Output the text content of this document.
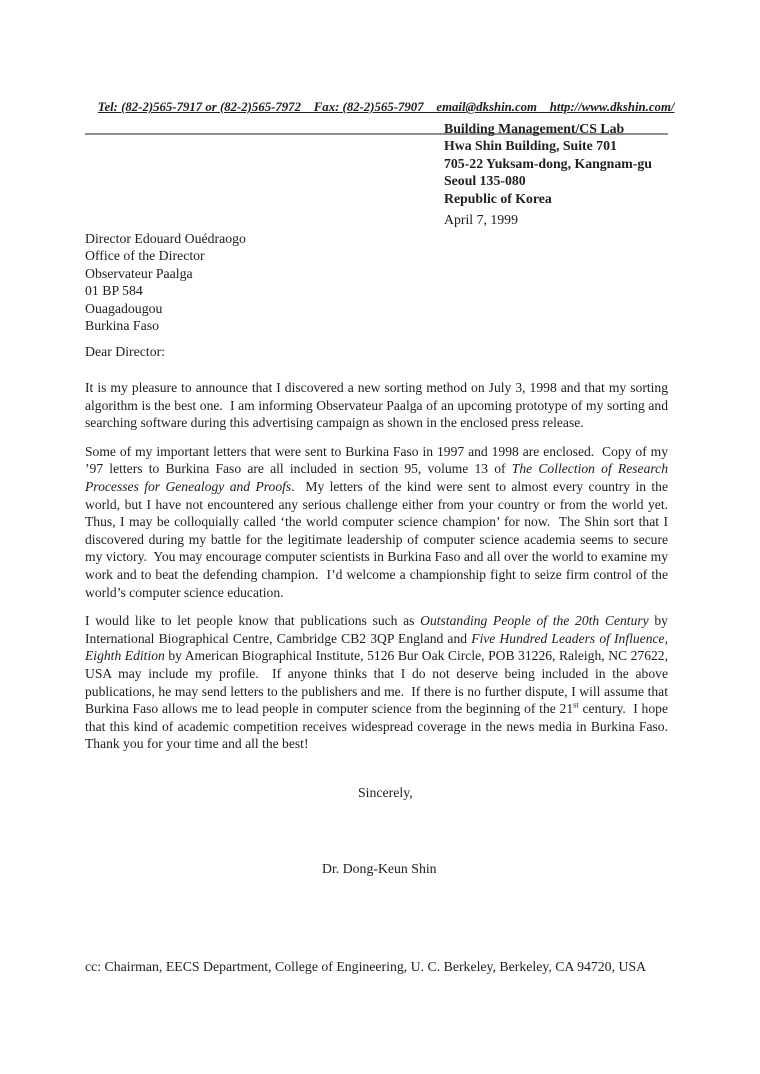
Tel: (82-2)565-7917 or (82-2)565-7972    Fax: (82-2)565-7907    email@dkshin.com    http://www.dkshin.com/

Building Management/CS Lab
Hwa Shin Building, Suite 701
705-22 Yuksam-dong, Kangnam-gu
Seoul 135-080
Republic of Korea
April 7, 1999
Director Edouard Ouédraogo
Office of the Director
Observateur Paalga
01 BP 584
Ouagadougou
Burkina Faso
Dear Director:

It is my pleasure to announce that I discovered a new sorting method on July 3, 1998 and that my sorting algorithm is the best one.  I am informing Observateur Paalga of an upcoming prototype of my sorting and searching software during this advertising campaign as shown in the enclosed press release.

Some of my important letters that were sent to Burkina Faso in 1997 and 1998 are enclosed.  Copy of my ’97 letters to Burkina Faso are all included in section 95, volume 13 of The Collection of Research Processes for Genealogy and Proofs.  My letters of the kind were sent to almost every country in the world, but I have not encountered any serious challenge either from your country or from the world yet.  Thus, I may be colloquially called ‘the world computer science champion’ for now.  The Shin sort that I discovered during my battle for the legitimate leadership of computer science academia seems to secure my victory.  You may encourage computer scientists in Burkina Faso and all over the world to examine my work and to beat the defending champion.  I’d welcome a championship fight to seize firm control of the world’s computer science education.

I would like to let people know that publications such as Outstanding People of the 20th Century by International Biographical Centre, Cambridge CB2 3QP England and Five Hundred Leaders of Influence, Eighth Edition by American Biographical Institute, 5126 Bur Oak Circle, POB 31226, Raleigh, NC 27622, USA may include my profile.  If anyone thinks that I do not deserve being included in the above publications, he may send letters to the publishers and me.  If there is no further dispute, I will assume that Burkina Faso allows me to lead people in computer science from the beginning of the 21st century.  I hope that this kind of academic competition receives widespread coverage in the news media in Burkina Faso.  Thank you for your time and all the best!

Sincerely,
Dr. Dong-Keun Shin
cc: Chairman, EECS Department, College of Engineering, U. C. Berkeley, Berkeley, CA 94720, USA
